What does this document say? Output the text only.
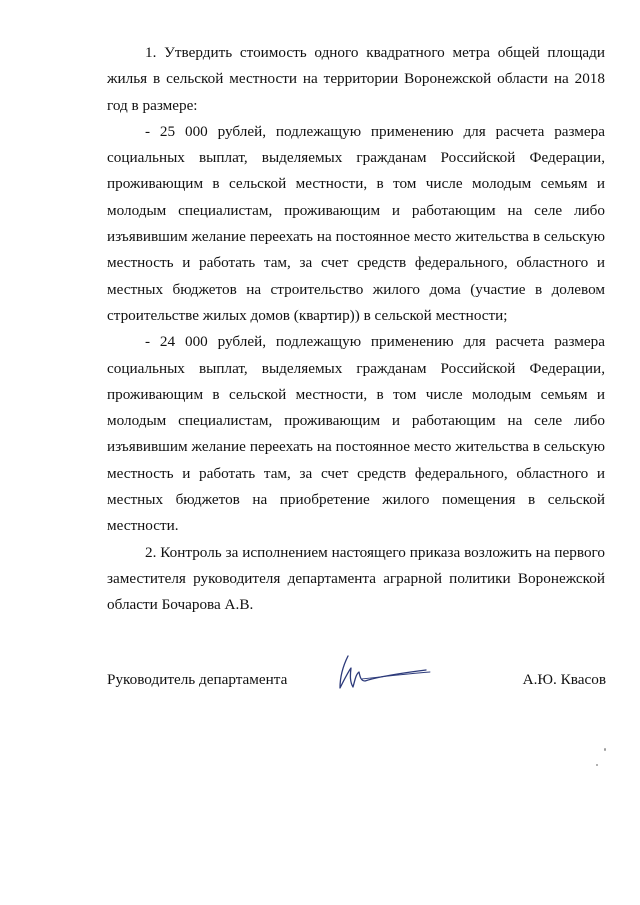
1. Утвердить стоимость одного квадратного метра общей площади жилья в сельской местности на территории Воронежской области на 2018 год в размере:

- 25 000 рублей, подлежащую применению для расчета размера социальных выплат, выделяемых гражданам Российской Федерации, проживающим в сельской местности, в том числе молодым семьям и молодым специалистам, проживающим и работающим на селе либо изъявившим желание переехать на постоянное место жительства в сельскую местность и работать там, за счет средств федерального, областного и местных бюджетов на строительство жилого дома (участие в долевом строительстве жилых домов (квартир)) в сельской местности;

- 24 000 рублей, подлежащую применению для расчета размера социальных выплат, выделяемых гражданам Российской Федерации, проживающим в сельской местности, в том числе молодым семьям и молодым специалистам, проживающим и работающим на селе либо изъявившим желание переехать на постоянное место жительства в сельскую местность и работать там, за счет средств федерального, областного и местных бюджетов на приобретение жилого помещения в сельской местности.

2. Контроль за исполнением настоящего приказа возложить на первого заместителя руководителя департамента аграрной политики Воронежской области Бочарова А.В.

Руководитель департамента	А.Ю. Квасов
